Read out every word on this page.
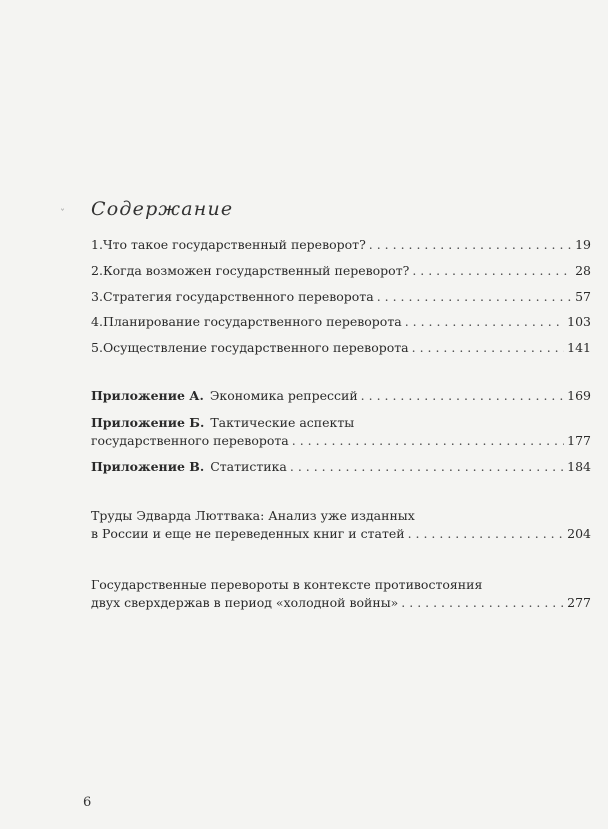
ˇ Содержание
1. Что такое государственный переворот? . . .	19
2. Когда возможен государственный переворот? . . .	28
3. Стратегия государственного переворота . . .	57
4. Планирование государственного переворота . . .	103
5. Осуществление государственного переворота . . .	141
Приложение А. Экономика репрессий . . .	169
Приложение Б. Тактические аспекты
государственного переворота . . .	177
Приложение В. Статистика . . .	184
Труды Эдварда Люттвака: Анализ уже изданных
в России и еще не переведенных книг и статей . . .	204
Государственные перевороты в контексте противостояния
двух сверхдержав в период «холодной войны» . . .	277
6
